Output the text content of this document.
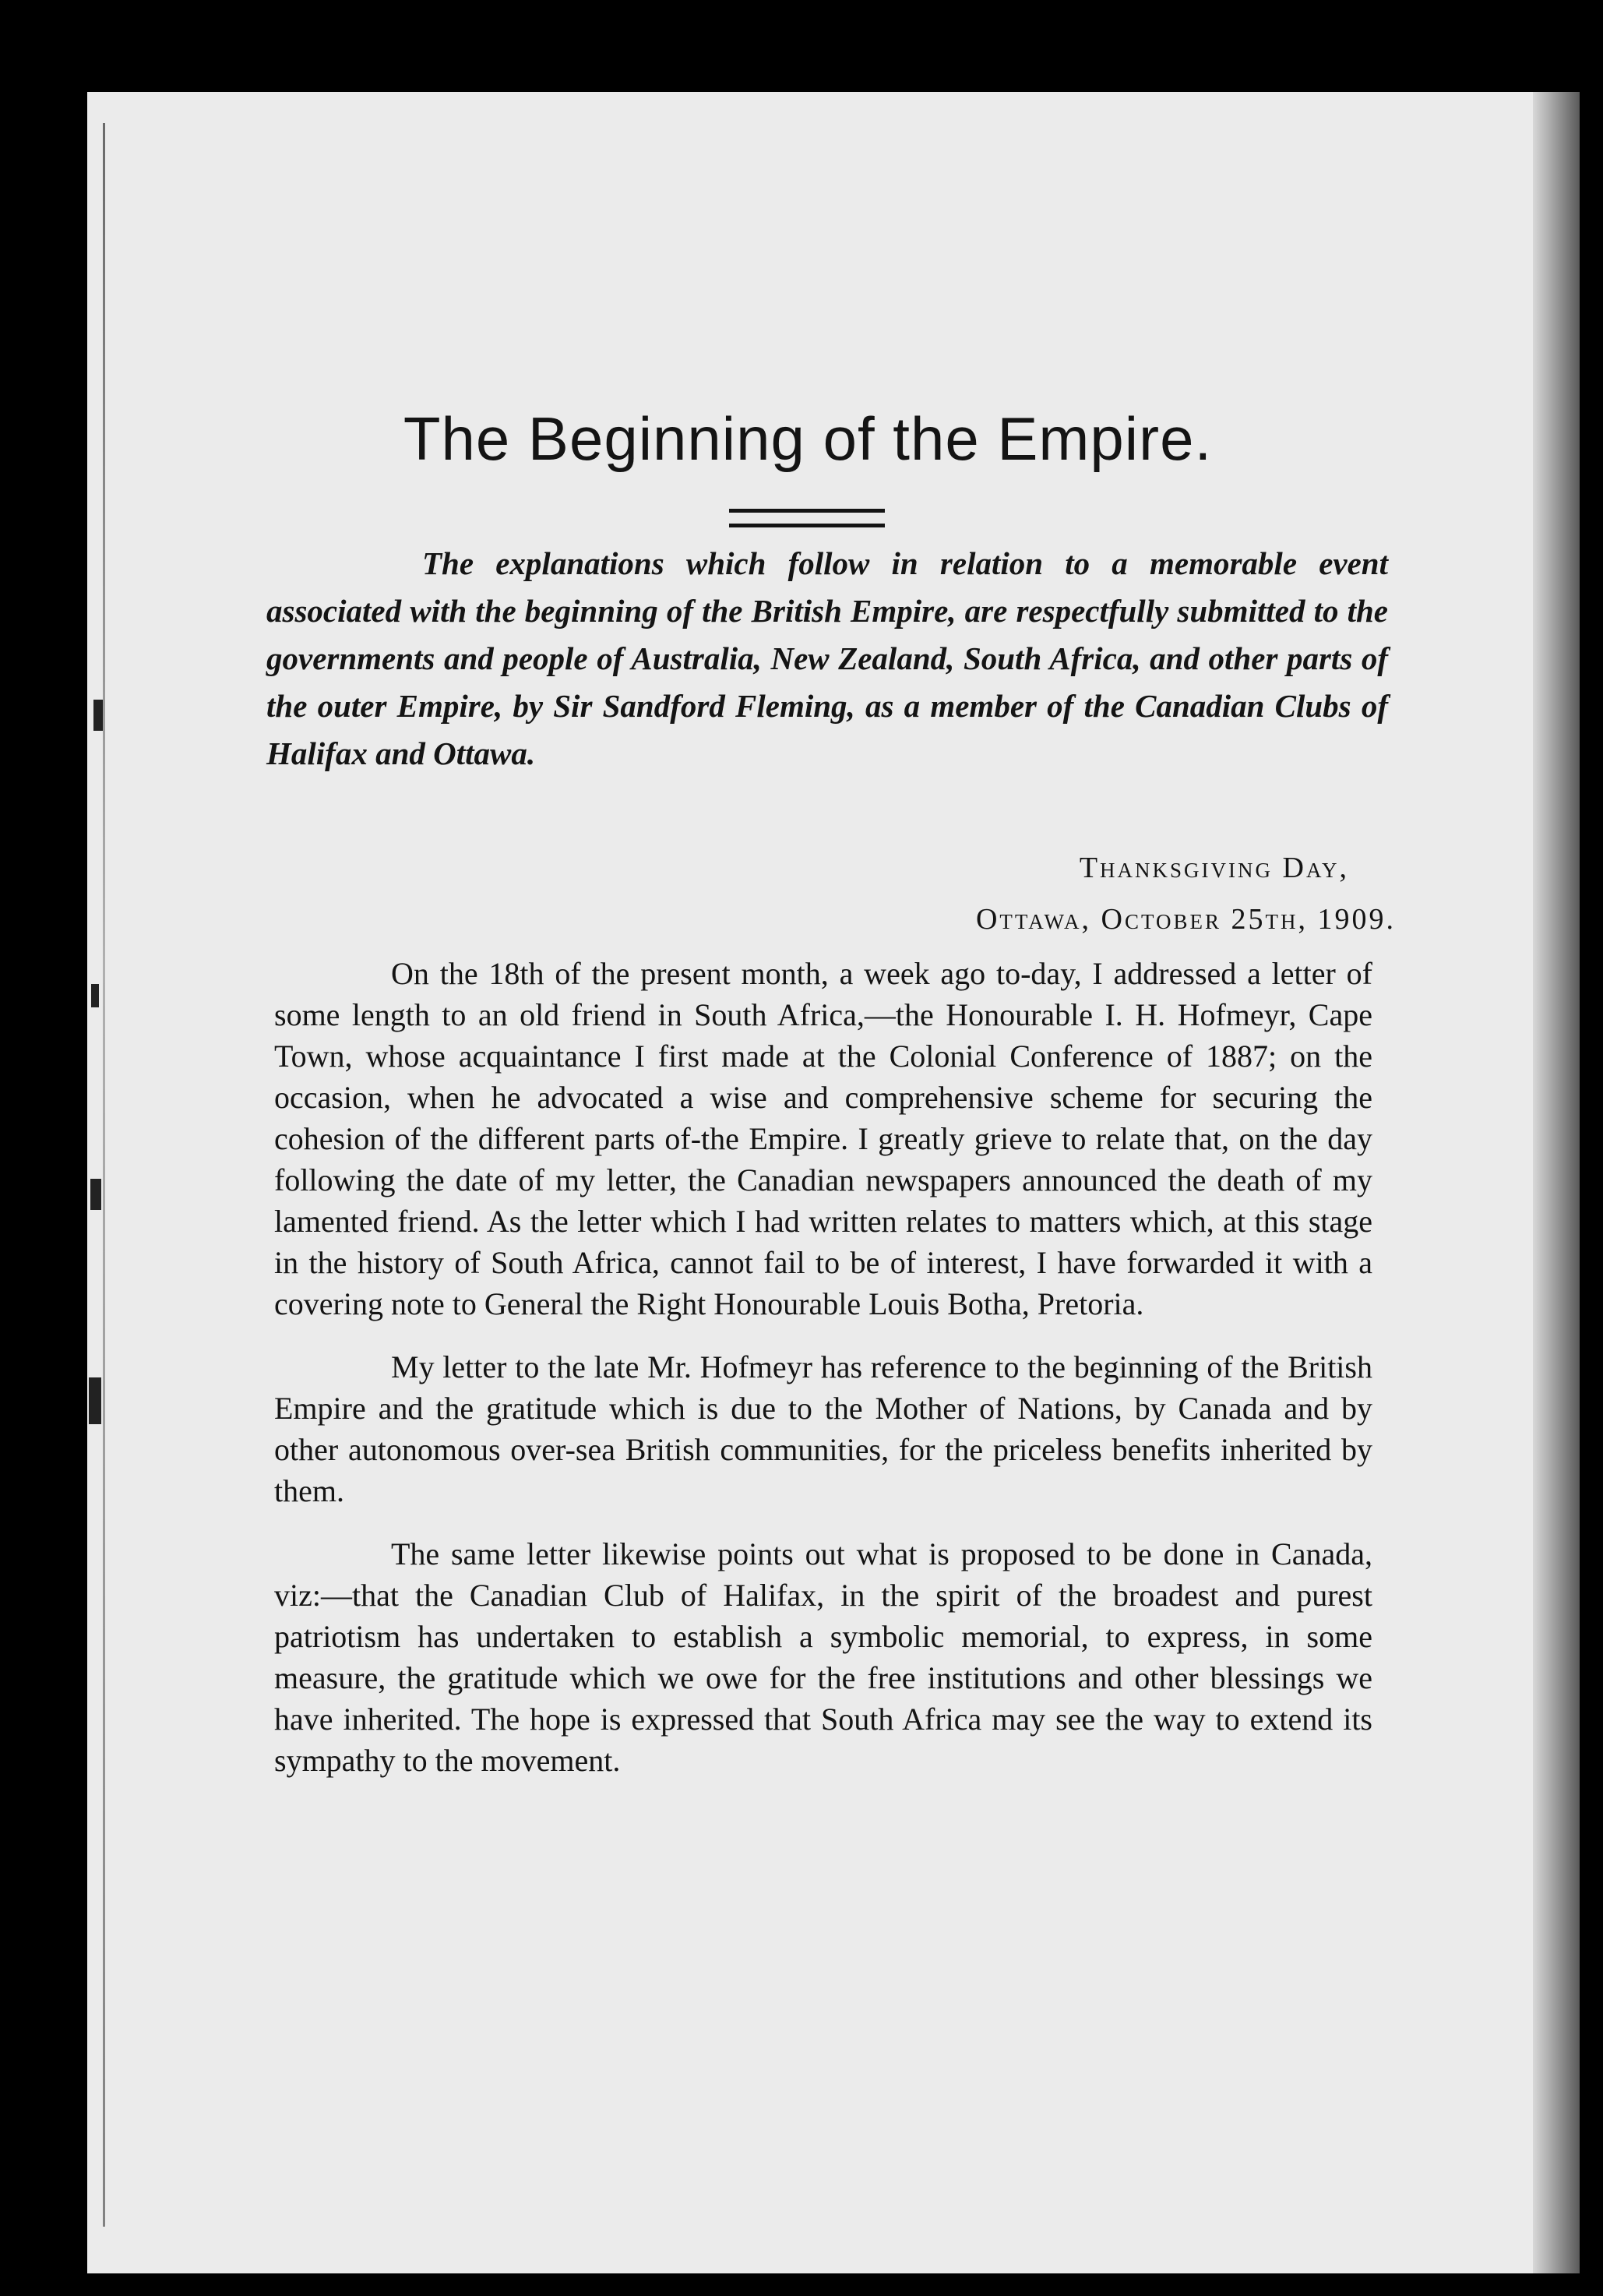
The Beginning of the Empire.

The explanations which follow in relation to a memorable event associated with the beginning of the British Empire, are respectfully submitted to the governments and people of Australia, New Zealand, South Africa, and other parts of the outer Empire, by Sir Sandford Fleming, as a member of the Canadian Clubs of Halifax and Ottawa.

Thanksgiving Day,
Ottawa, October 25th, 1909.

On the 18th of the present month, a week ago to-day, I addressed a letter of some length to an old friend in South Africa,—the Honourable I. H. Hofmeyr, Cape Town, whose acquaintance I first made at the Colonial Conference of 1887; on the occasion, when he advocated a wise and comprehensive scheme for securing the cohesion of the different parts of-the Empire. I greatly grieve to relate that, on the day following the date of my letter, the Canadian newspapers announced the death of my lamented friend. As the letter which I had written relates to matters which, at this stage in the history of South Africa, cannot fail to be of interest, I have forwarded it with a covering note to General the Right Honourable Louis Botha, Pretoria.

My letter to the late Mr. Hofmeyr has reference to the beginning of the British Empire and the gratitude which is due to the Mother of Nations, by Canada and by other autonomous over-sea British communities, for the priceless benefits inherited by them.

The same letter likewise points out what is proposed to be done in Canada, viz:—that the Canadian Club of Halifax, in the spirit of the broadest and purest patriotism has undertaken to establish a symbolic memorial, to express, in some measure, the gratitude which we owe for the free institutions and other blessings we have inherited. The hope is expressed that South Africa may see the way to extend its sympathy to the movement.
